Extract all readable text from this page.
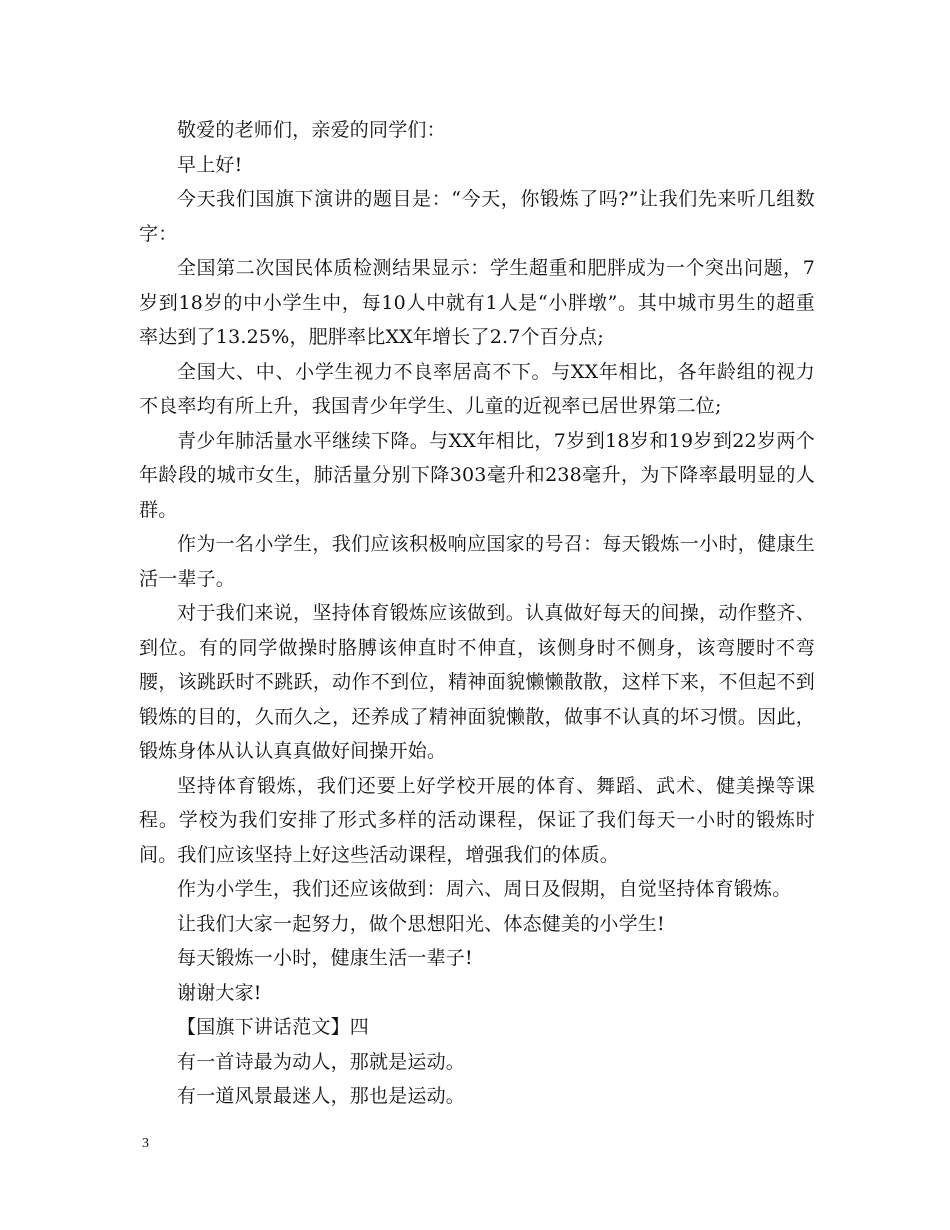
敬爱的老师们，亲爱的同学们：

早上好!

今天我们国旗下演讲的题目是：“今天，你锻炼了吗?”让我们先来听几组数字：

全国第二次国民体质检测结果显示：学生超重和肥胖成为一个突出问题，7岁到18岁的中小学生中，每10人中就有1人是“小胖墩”。其中城市男生的超重率达到了13.25%，肥胖率比XX年增长了2.7个百分点;

全国大、中、小学生视力不良率居高不下。与XX年相比，各年龄组的视力不良率均有所上升，我国青少年学生、儿童的近视率已居世界第二位;

青少年肺活量水平继续下降。与XX年相比，7岁到18岁和19岁到22岁两个年龄段的城市女生，肺活量分别下降303毫升和238毫升，为下降率最明显的人群。

作为一名小学生，我们应该积极响应国家的号召：每天锻炼一小时，健康生活一辈子。

对于我们来说，坚持体育锻炼应该做到。认真做好每天的间操，动作整齐、到位。有的同学做操时胳膊该伸直时不伸直，该侧身时不侧身，该弯腰时不弯腰，该跳跃时不跳跃，动作不到位，精神面貌懒懒散散，这样下来，不但起不到锻炼的目的，久而久之，还养成了精神面貌懒散，做事不认真的坏习惯。因此，锻炼身体从认认真真做好间操开始。

坚持体育锻炼，我们还要上好学校开展的体育、舞蹈、武术、健美操等课程。学校为我们安排了形式多样的活动课程，保证了我们每天一小时的锻炼时间。我们应该坚持上好这些活动课程，增强我们的体质。

作为小学生，我们还应该做到：周六、周日及假期，自觉坚持体育锻炼。

让我们大家一起努力，做个思想阳光、体态健美的小学生!

每天锻炼一小时，健康生活一辈子!

谢谢大家!

【国旗下讲话范文】四

有一首诗最为动人，那就是运动。

有一道风景最迷人，那也是运动。

3
